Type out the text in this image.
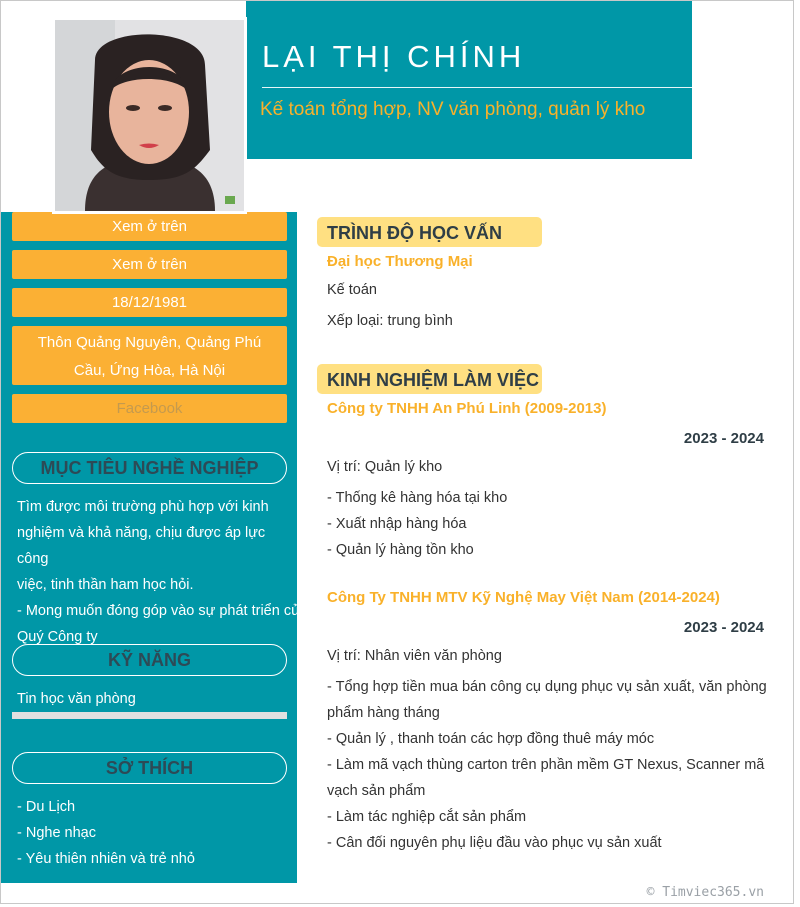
LẠI THỊ CHÍNH
Kế toán tổng hợp, NV văn phòng, quản lý kho
Xem ở trên
Xem ở trên
18/12/1981
Thôn Quảng Nguyên, Quảng Phú
Cầu, Ứng Hòa, Hà Nội
Facebook
MỤC TIÊU NGHỀ NGHIỆP
Tìm được môi trường phù hợp với kinh
nghiệm và khả năng, chịu được áp lực công
việc, tinh thần ham học hỏi.
- Mong muốn đóng góp vào sự phát triển của
Quý Công ty
KỸ NĂNG
Tin học văn phòng
SỞ THÍCH
- Du Lịch
- Nghe nhạc
- Yêu thiên nhiên và trẻ nhỏ
TRÌNH ĐỘ HỌC VẤN
Đại học Thương Mại
Kế toán
Xếp loại: trung bình
KINH NGHIỆM LÀM VIỆC
Công ty TNHH An Phú Linh (2009-2013)
2023 - 2024
Vị trí: Quản lý kho
- Thống kê hàng hóa tại kho
- Xuất nhập hàng hóa
- Quản lý hàng tồn kho
Công Ty TNHH MTV Kỹ Nghệ May Việt Nam (2014-2024)
2023 - 2024
Vị trí: Nhân viên văn phòng
- Tổng hợp tiền mua bán công cụ dụng phục vụ sản xuất, văn phòng
phẩm hàng tháng
- Quản lý , thanh toán các hợp đồng thuê máy móc
- Làm mã vạch thùng carton trên phần mềm GT Nexus, Scanner mã
vạch sản phẩm
- Làm tác nghiệp cắt sản phẩm
- Cân đối nguyên phụ liệu đầu vào phục vụ sản xuất
© Timviec365.vn
